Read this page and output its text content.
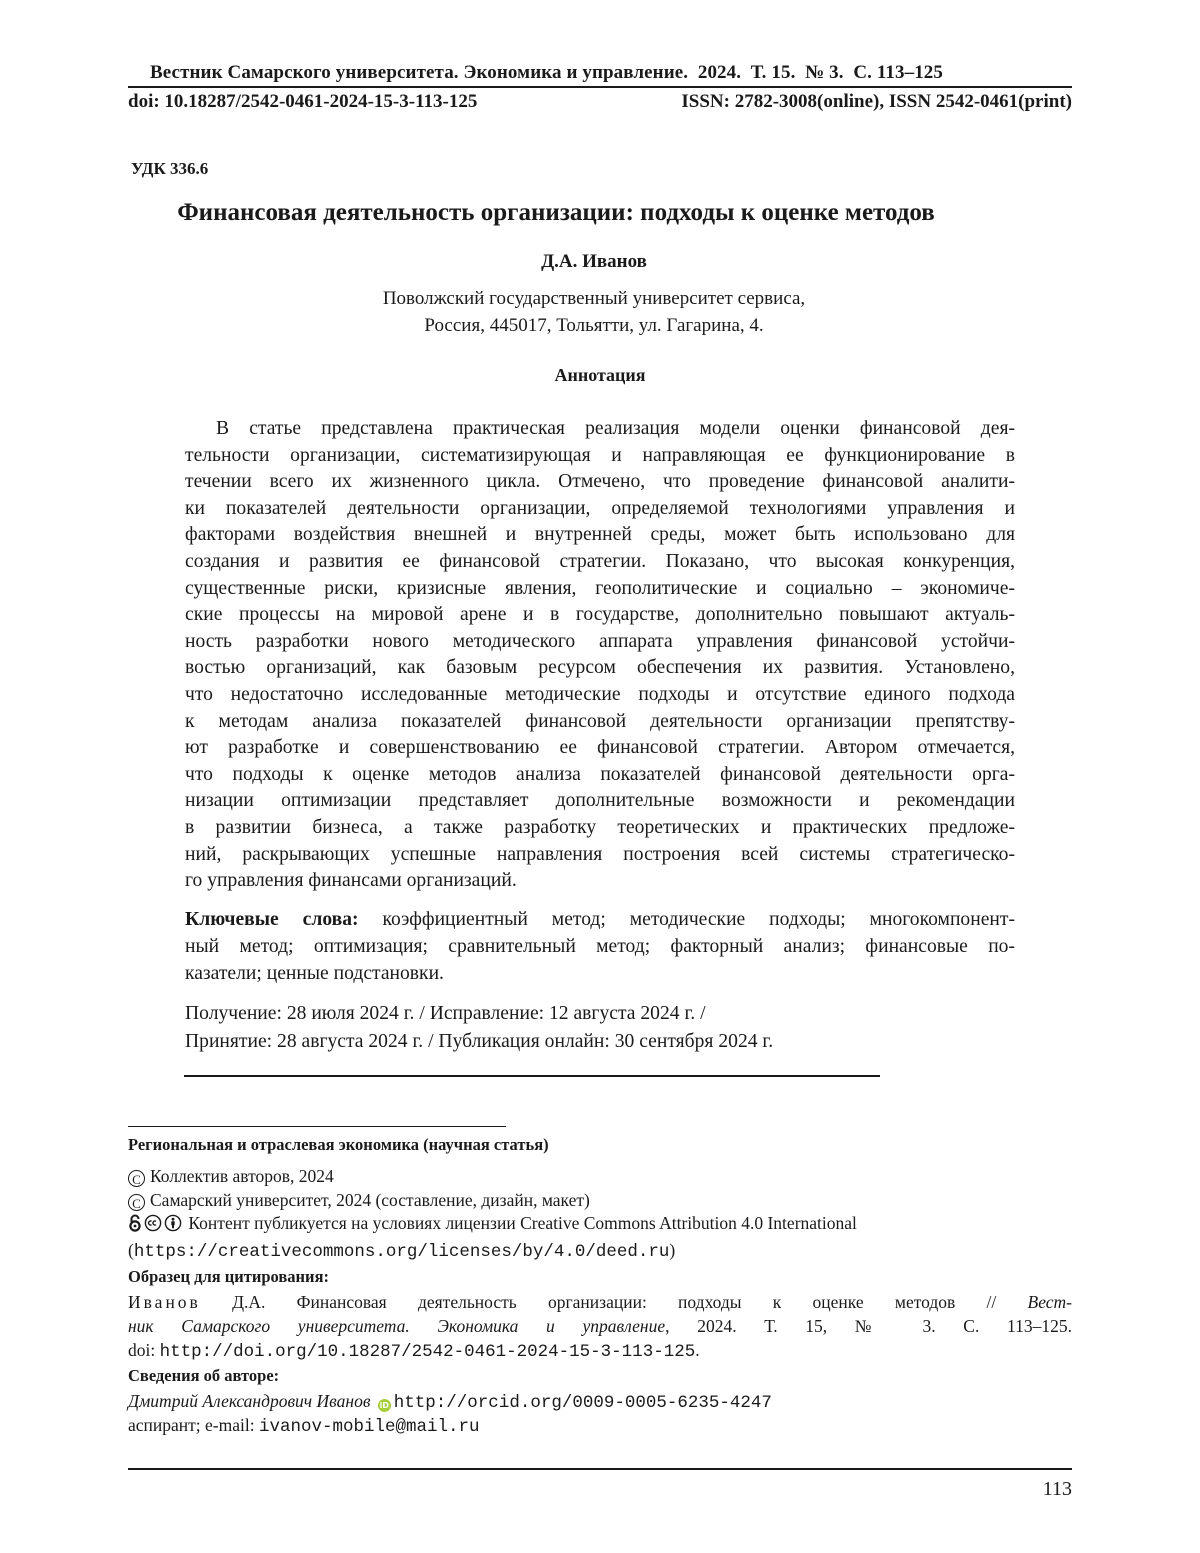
Вестник Самарского университета. Экономика и управление.  2024.  Т. 15.  № 3.  С. 113–125
doi: 10.18287/2542-0461-2024-15-3-113-125	ISSN: 2782-3008(online), ISSN 2542-0461(print)
УДК 336.6
Финансовая деятельность организации: подходы к оценке методов
Д.А. Иванов
Поволжский государственный университет сервиса,
Россия, 445017, Тольятти, ул. Гагарина, 4.
Аннотация
В статье представлена практическая реализация модели оценки финансовой дея-
тельности организации, систематизирующая и направляющая ее функционирование в
течении всего их жизненного цикла. Отмечено, что проведение финансовой аналити-
ки показателей деятельности организации, определяемой технологиями управления и
факторами воздействия внешней и внутренней среды, может быть использовано для
создания и развития ее финансовой стратегии. Показано, что высокая конкуренция,
существенные риски, кризисные явления, геополитические и социально – экономиче-
ские процессы на мировой арене и в государстве, дополнительно повышают актуаль-
ность разработки нового методического аппарата управления финансовой устойчи-
востью организаций, как базовым ресурсом обеспечения их развития. Установлено,
что недостаточно исследованные методические подходы и отсутствие единого подхода
к методам анализа показателей финансовой деятельности организации препятству-
ют разработке и совершенствованию ее финансовой стратегии. Автором отмечается,
что подходы к оценке методов анализа показателей финансовой деятельности орга-
низации оптимизации представляет дополнительные возможности и рекомендации
в развитии бизнеса, а также разработку теоретических и практических предложе-
ний, раскрывающих успешные направления построения всей системы стратегическо-
го управления финансами организаций.
Ключевые слова: коэффициентный метод; методические подходы; многокомпонент-
ный метод; оптимизация; сравнительный метод; факторный анализ; финансовые по-
казатели; ценные подстановки.
Получение: 28 июля 2024 г. / Исправление: 12 августа 2024 г. /
Принятие: 28 августа 2024 г. / Публикация онлайн: 30 сентября 2024 г.
Региональная и отраслевая экономика (научная статья)
C Коллектив авторов, 2024
C Самарский университет, 2024 (составление, дизайн, макет)
Контент публикуется на условиях лицензии Creative Commons Attribution 4.0 International
(https://creativecommons.org/licenses/by/4.0/deed.ru)
Образец для цитирования:
Иванов Д.А. Финансовая деятельность организации: подходы к оценке методов // Вест-
ник Самарского университета. Экономика и управление, 2024. Т. 15, № 3. С. 113–125.
doi: http://doi.org/10.18287/2542-0461-2024-15-3-113-125.
Сведения об авторе:
Дмитрий Александрович Иванов iD http://orcid.org/0009-0005-6235-4247
аспирант; e-mail: ivanov-mobile@mail.ru
113
